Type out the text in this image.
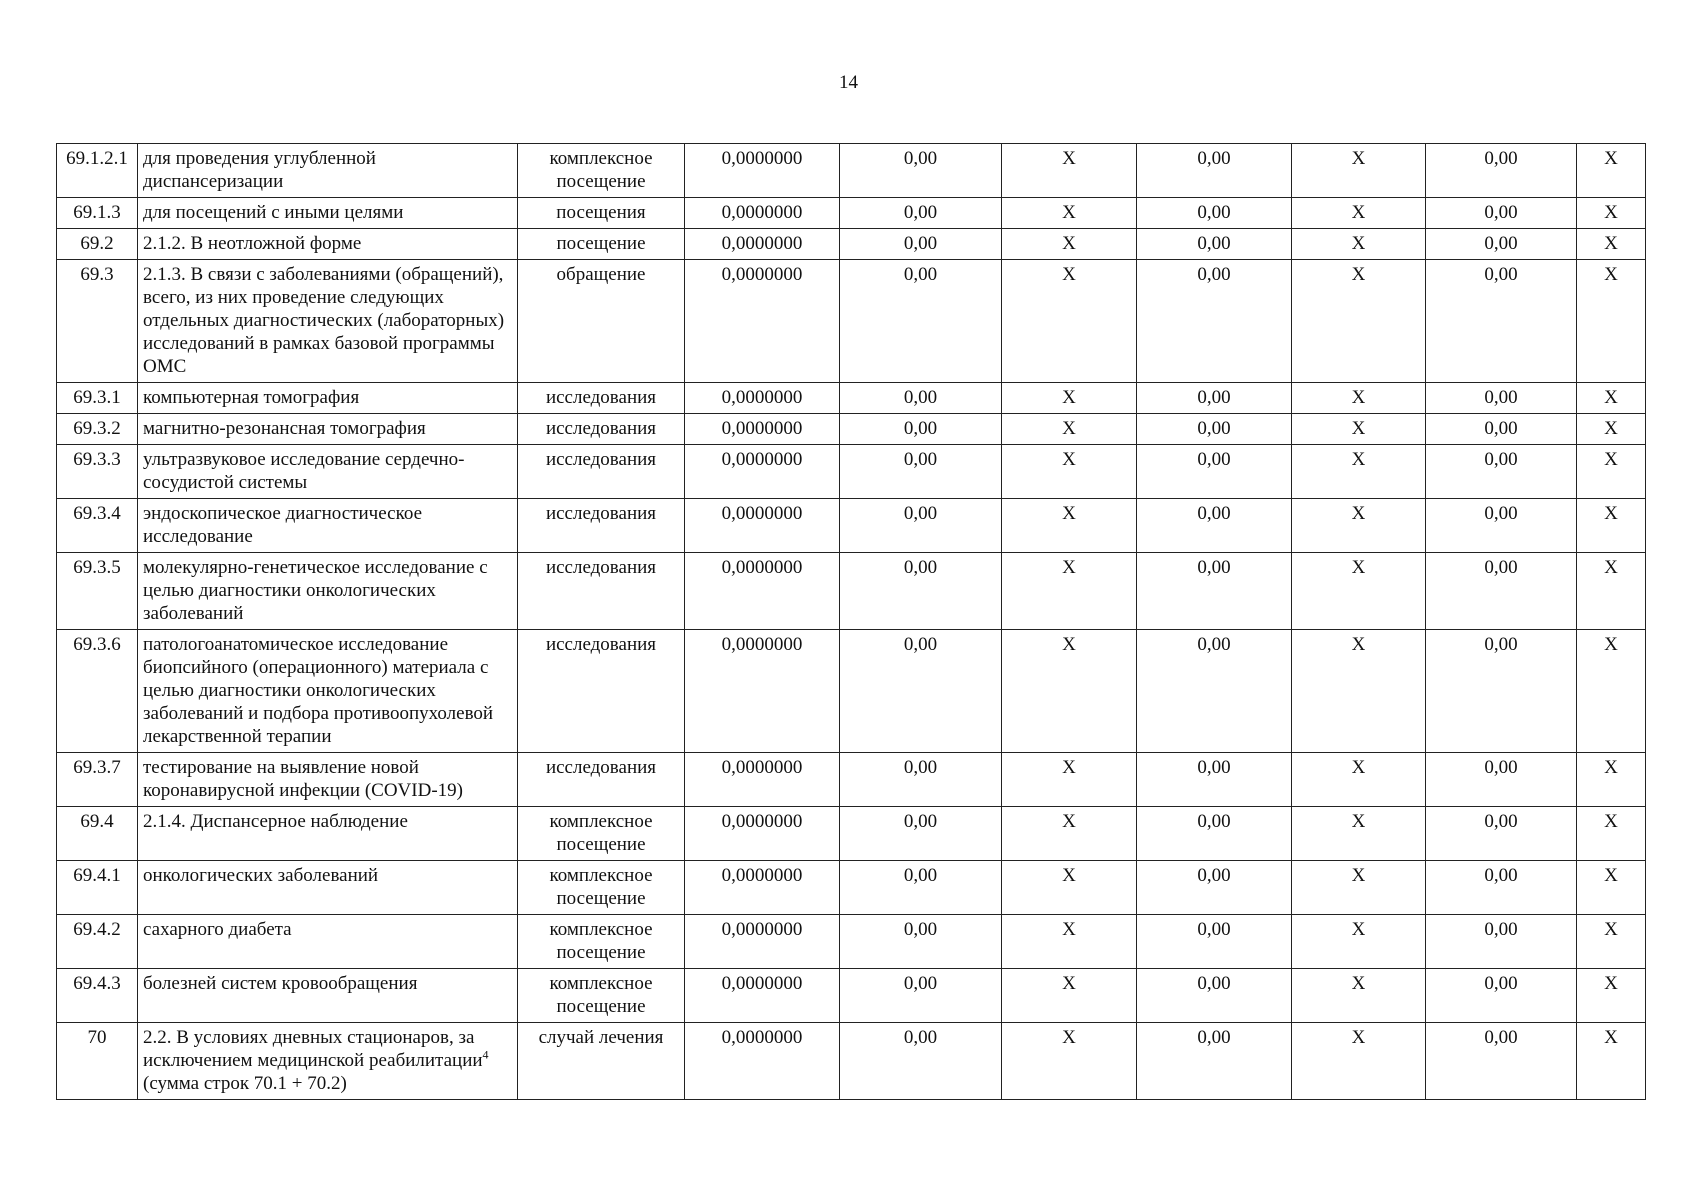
14
69.1.2.1	для проведения углубленной диспансеризации	комплексное посещение	0,0000000	0,00	X	0,00	X	0,00	X
69.1.3	для посещений с иными целями	посещения	0,0000000	0,00	X	0,00	X	0,00	X
69.2	2.1.2. В неотложной форме	посещение	0,0000000	0,00	X	0,00	X	0,00	X
69.3	2.1.3. В связи с заболеваниями (обращений), всего, из них проведение следующих отдельных диагностических (лабораторных) исследований в рамках базовой программы ОМС	обращение	0,0000000	0,00	X	0,00	X	0,00	X
69.3.1	компьютерная томография	исследования	0,0000000	0,00	X	0,00	X	0,00	X
69.3.2	магнитно-резонансная томография	исследования	0,0000000	0,00	X	0,00	X	0,00	X
69.3.3	ультразвуковое исследование сердечно-сосудистой системы	исследования	0,0000000	0,00	X	0,00	X	0,00	X
69.3.4	эндоскопическое диагностическое исследование	исследования	0,0000000	0,00	X	0,00	X	0,00	X
69.3.5	молекулярно-генетическое исследование с целью диагностики онкологических заболеваний	исследования	0,0000000	0,00	X	0,00	X	0,00	X
69.3.6	патологоанатомическое исследование биопсийного (операционного) материала с целью диагностики онкологических заболеваний и подбора противоопухолевой лекарственной терапии	исследования	0,0000000	0,00	X	0,00	X	0,00	X
69.3.7	тестирование на выявление новой коронавирусной инфекции (COVID-19)	исследования	0,0000000	0,00	X	0,00	X	0,00	X
69.4	2.1.4. Диспансерное наблюдение	комплексное посещение	0,0000000	0,00	X	0,00	X	0,00	X
69.4.1	онкологических заболеваний	комплексное посещение	0,0000000	0,00	X	0,00	X	0,00	X
69.4.2	сахарного диабета	комплексное посещение	0,0000000	0,00	X	0,00	X	0,00	X
69.4.3	болезней систем кровообращения	комплексное посещение	0,0000000	0,00	X	0,00	X	0,00	X
70	2.2. В условиях дневных стационаров, за исключением медицинской реабилитации$^4$ (сумма строк 70.1 + 70.2)	случай лечения	0,0000000	0,00	X	0,00	X	0,00	X
